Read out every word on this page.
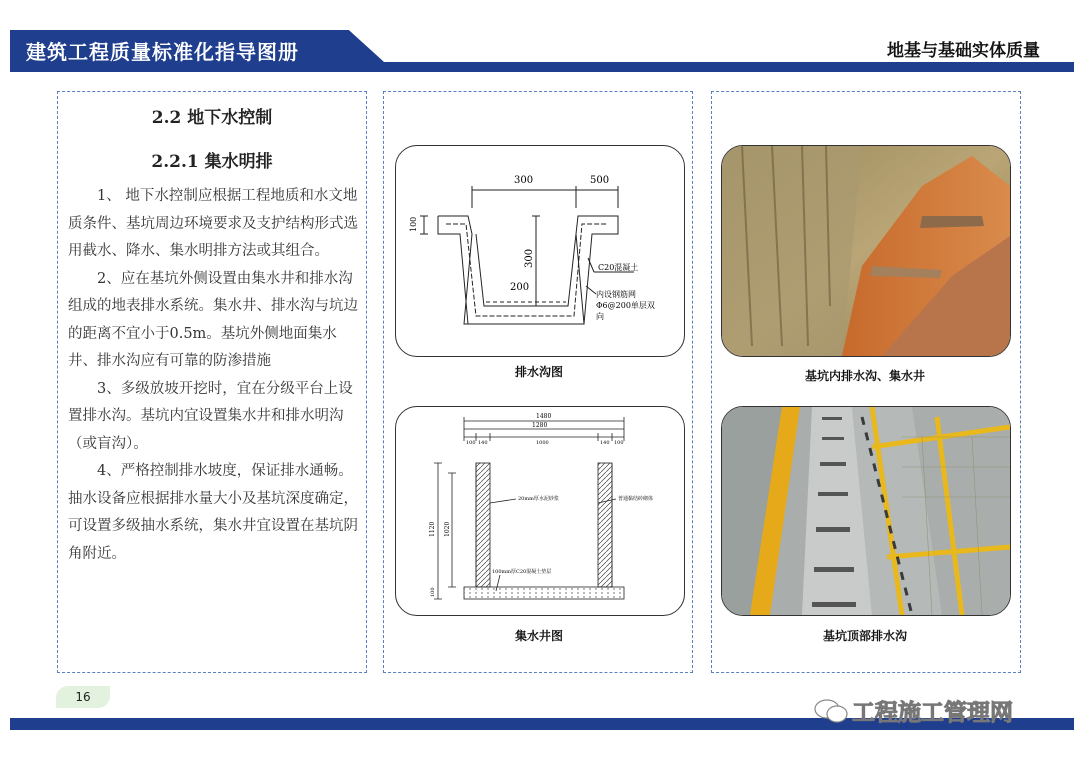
建筑工程质量标准化指导图册	地基与基础实体质量
2.2 地下水控制
2.2.1 集水明排

1、 地下水控制应根据工程地质和水文地质条件、基坑周边环境要求及支护结构形式选用截水、降水、集水明排方法或其组合。

2、应在基坑外侧设置由集水井和排水沟组成的地表排水系统。集水井、排水沟与坑边的距离不宜小于0.5m。基坑外侧地面集水井、排水沟应有可靠的防渗措施

3、多级放坡开挖时，宜在分级平台上设置排水沟。基坑内宜设置集水井和排水明沟（或盲沟）。

4、严格控制排水坡度，保证排水通畅。抽水设备应根据排水量大小及基坑深度确定，可设置多级抽水系统，集水井宜设置在基坑阴角附近。

300	500
100
300
200
C20混凝土
内设钢筋网
Φ6@200单层双
向
排水沟图
1480
1280
100 140	1000	140 100
1120 1020
100
20mm厚水泥砂浆	普通黏结砖砌体
100mm厚C20混凝土垫层
集水井图
基坑内排水沟、集水井
基坑顶部排水沟
16
工程施工管理网
